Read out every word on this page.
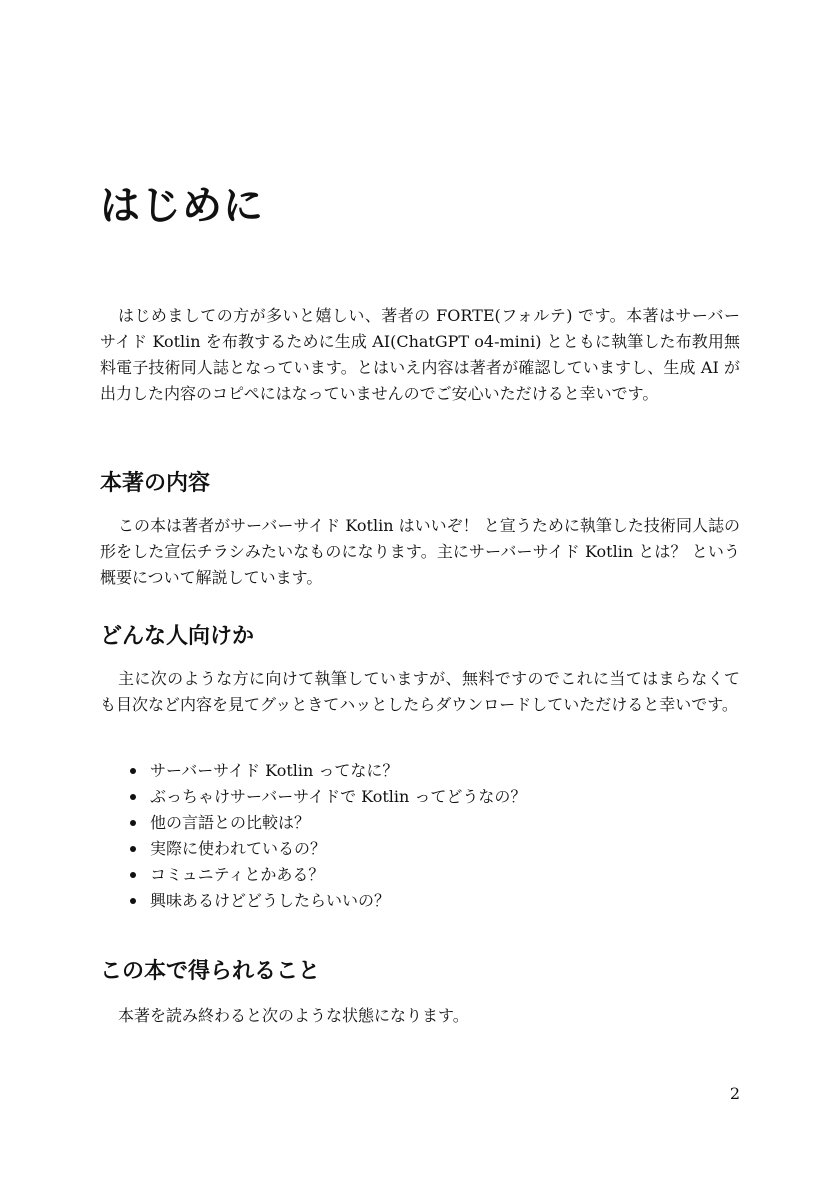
はじめに

はじめましての方が多いと嬉しい、著者の FORTE(フォルテ) です。本著はサーバーサイド Kotlin を布教するために生成 AI(ChatGPT o4-mini) とともに執筆した布教用無料電子技術同人誌となっています。とはいえ内容は著者が確認していますし、生成 AI が出力した内容のコピペにはなっていませんのでご安心いただけると幸いです。

本著の内容

この本は著者がサーバーサイド Kotlin はいいぞ！ と宣うために執筆した技術同人誌の形をした宣伝チラシみたいなものになります。主にサーバーサイド Kotlin とは？ という概要について解説しています。

どんな人向けか

主に次のような方に向けて執筆していますが、無料ですのでこれに当てはまらなくても目次など内容を見てグッときてハッとしたらダウンロードしていただけると幸いです。

サーバーサイド Kotlin ってなに？
ぶっちゃけサーバーサイドで Kotlin ってどうなの？
他の言語との比較は？
実際に使われているの？
コミュニティとかある？
興味あるけどどうしたらいいの？
この本で得られること

本著を読み終わると次のような状態になります。

2
